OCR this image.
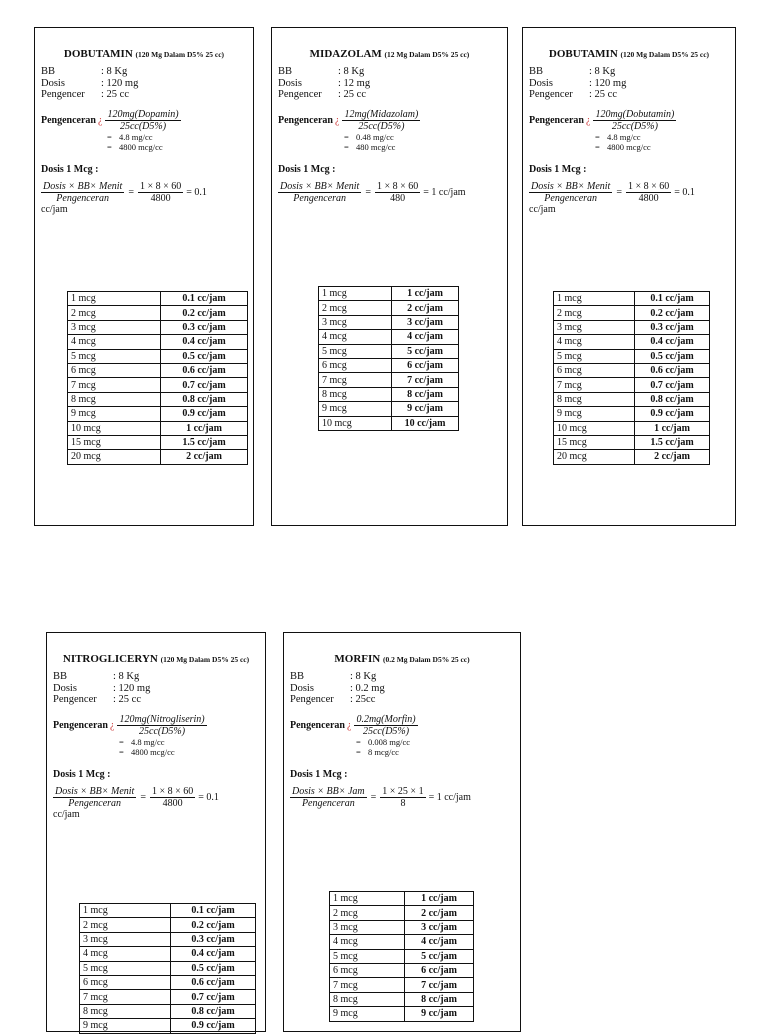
DOBUTAMIN (120 Mg Dalam D5% 25 cc)
BB	: 8 Kg
Dosis	: 120 mg
Pengencer	: 25 cc
Pengenceran ¿ $\frac{\text{120mg(Dopamin)}}{25cc(D5\%)}$
= 4.8 mg/cc
= 4800 mcg/cc
Dosis 1 Mcg :
$\frac{\text{Dosis × BB× Menit}}{\text{Pengenceran}} = \frac{1 \times 8 \times 60}{4800} = 0.1$
cc/jam
1 mcg	0.1 cc/jam
2 mcg	0.2 cc/jam
3 mcg	0.3 cc/jam
4 mcg	0.4 cc/jam
5 mcg	0.5 cc/jam
6 mcg	0.6 cc/jam
7 mcg	0.7 cc/jam
8 mcg	0.8 cc/jam
9 mcg	0.9 cc/jam
10 mcg	1 cc/jam
15 mcg	1.5 cc/jam
20 mcg	2 cc/jam
MIDAZOLAM (12 Mg Dalam D5% 25 cc)
BB	: 8 Kg
Dosis	: 12 mg
Pengencer	: 25 cc
Pengenceran ¿ $\frac{\text{12mg(Midazolam)}}{25cc(D5\%)}$
= 0.48 mg/cc
= 480 mcg/cc
Dosis 1 Mcg :
$\frac{\text{Dosis × BB× Menit}}{\text{Pengenceran}} = \frac{1 \times 8 \times 60}{480} = 1$ cc/jam
1 mcg	1 cc/jam
2 mcg	2 cc/jam
3 mcg	3 cc/jam
4 mcg	4 cc/jam
5 mcg	5 cc/jam
6 mcg	6 cc/jam
7 mcg	7 cc/jam
8 mcg	8 cc/jam
9 mcg	9 cc/jam
10 mcg	10 cc/jam
DOBUTAMIN (120 Mg Dalam D5% 25 cc)
BB	: 8 Kg
Dosis	: 120 mg
Pengencer	: 25 cc
Pengenceran ¿ $\frac{\text{120mg(Dobutamin)}}{25cc(D5\%)}$
= 4.8 mg/cc
= 4800 mcg/cc
Dosis 1 Mcg :
$\frac{\text{Dosis × BB× Menit}}{\text{Pengenceran}} = \frac{1 \times 8 \times 60}{4800} = 0.1$
cc/jam
1 mcg	0.1 cc/jam
2 mcg	0.2 cc/jam
3 mcg	0.3 cc/jam
4 mcg	0.4 cc/jam
5 mcg	0.5 cc/jam
6 mcg	0.6 cc/jam
7 mcg	0.7 cc/jam
8 mcg	0.8 cc/jam
9 mcg	0.9 cc/jam
10 mcg	1 cc/jam
15 mcg	1.5 cc/jam
20 mcg	2 cc/jam
NITROGLICERYN (120 Mg Dalam D5% 25 cc)
BB	: 8 Kg
Dosis	: 120 mg
Pengencer	: 25 cc
Pengenceran ¿ $\frac{\text{120mg(Nitrogliserin)}}{25cc(D5\%)}$
= 4.8 mg/cc
= 4800 mcg/cc
Dosis 1 Mcg :
$\frac{\text{Dosis × BB× Menit}}{\text{Pengenceran}} = \frac{1 \times 8 \times 60}{4800} = 0.1$
cc/jam
1 mcg	0.1 cc/jam
2 mcg	0.2 cc/jam
3 mcg	0.3 cc/jam
4 mcg	0.4 cc/jam
5 mcg	0.5 cc/jam
6 mcg	0.6 cc/jam
7 mcg	0.7 cc/jam
8 mcg	0.8 cc/jam
9 mcg	0.9 cc/jam
MORFIN (0.2 Mg Dalam D5% 25 cc)
BB	: 8 Kg
Dosis	: 0.2 mg
Pengencer	: 25cc
Pengenceran ¿ $\frac{\text{0.2mg(Morfin)}}{25cc(D5\%)}$
= 0.008 mg/cc
= 8 mcg/cc
Dosis 1 Mcg :
$\frac{\text{Dosis × BB× Jam}}{\text{Pengenceran}} = \frac{1 \times 25 \times 1}{8} = 1$ cc/jam
1 mcg	1 cc/jam
2 mcg	2 cc/jam
3 mcg	3 cc/jam
4 mcg	4 cc/jam
5 mcg	5 cc/jam
6 mcg	6 cc/jam
7 mcg	7 cc/jam
8 mcg	8 cc/jam
9 mcg	9 cc/jam
